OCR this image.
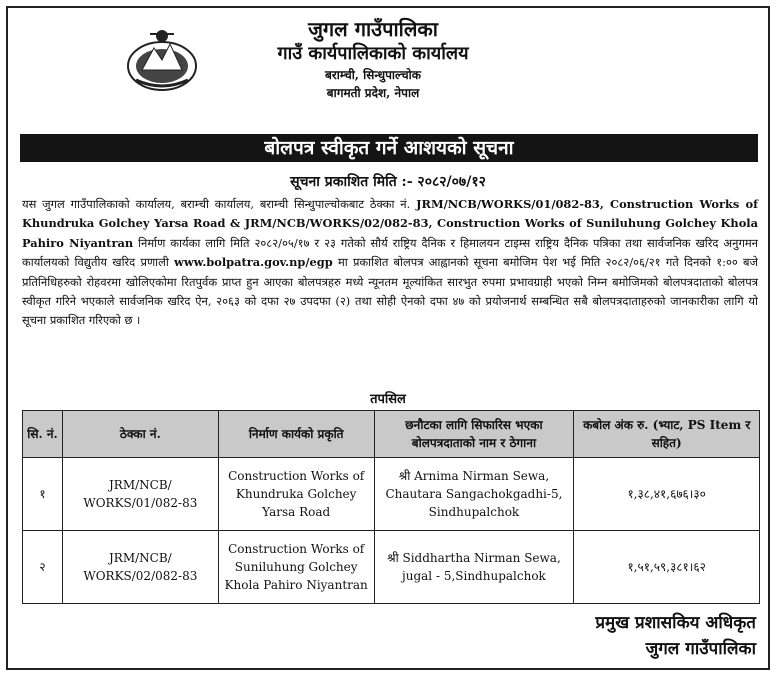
जुगल गाउँपालिका
गाउँ कार्यपालिकाको कार्यालय
बराम्ची, सिन्धुपाल्चोक
बागमती प्रदेश, नेपाल
बोलपत्र स्वीकृत गर्ने आशयको सूचना
सूचना प्रकाशित मिति :- २०८२/०७/१२
यस जुगल गाउँपालिकाको कार्यालय, बराम्ची कार्यालय, बराम्ची सिन्धुपाल्चोकबाट ठेक्का नं. JRM/NCB/WORKS/01/082-83, Construction Works of Khundruka Golchey Yarsa Road & JRM/NCB/WORKS/02/082-83, Construction Works of Suniluhung Golchey Khola Pahiro Niyantran निर्माण कार्यका लागि मिति २०८२/०५/१७ र २३ गतेको सौर्य राष्ट्रिय दैनिक र हिमालयन टाइम्स राष्ट्रिय दैनिक पत्रिका तथा सार्वजनिक खरिद अनुगमन कार्यालयको विद्युतीय खरिद प्रणाली www.bolpatra.gov.np/egp मा प्रकाशित बोलपत्र आह्वानको सूचना बमोजिम पेश भई मिति २०८२/०६/२१ गते दिनको १:०० बजे प्रतिनिधिहरुको रोहवरमा खोलिएकोमा रितपुर्वक प्राप्त हुन आएका बोलपत्रहरु मध्ये न्यूनतम मूल्यांकित सारभुत रुपमा प्रभावग्राही भएको निम्न बमोजिमको बोलपत्रदाताको बोलपत्र स्वीकृत गरिने भएकाले सार्वजनिक खरिद ऐन, २०६३ को दफा २७ उपदफा (२) तथा सोही ऐनको दफा ४७ को प्रयोजनार्थ सम्बन्धित सबै बोलपत्रदाताहरुको जानकारीका लागि यो सूचना प्रकाशित गरिएको छ ।
तपसिल
सि. नं.	ठेक्का नं.	निर्माण कार्यको प्रकृति	छनौटका लागि सिफारिस भएका बोलपत्रदाताको नाम र ठेगाना	कबोल अंक रु. (भ्याट, PS Item र सहित)
१	JRM/NCB/ WORKS/01/082-83	Construction Works of Khundruka Golchey Yarsa Road	श्री Arnima Nirman Sewa, Chautara Sangachokgadhi-5, Sindhupalchok	१,३८,४१,६७६।३०
२	JRM/NCB/ WORKS/02/082-83	Construction Works of Suniluhung Golchey Khola Pahiro Niyantran	श्री Siddhartha Nirman Sewa, jugal - 5,Sindhupalchok	१,५१,५९,३८१।६२
प्रमुख प्रशासकिय अधिकृत
जुगल गाउँपालिका
